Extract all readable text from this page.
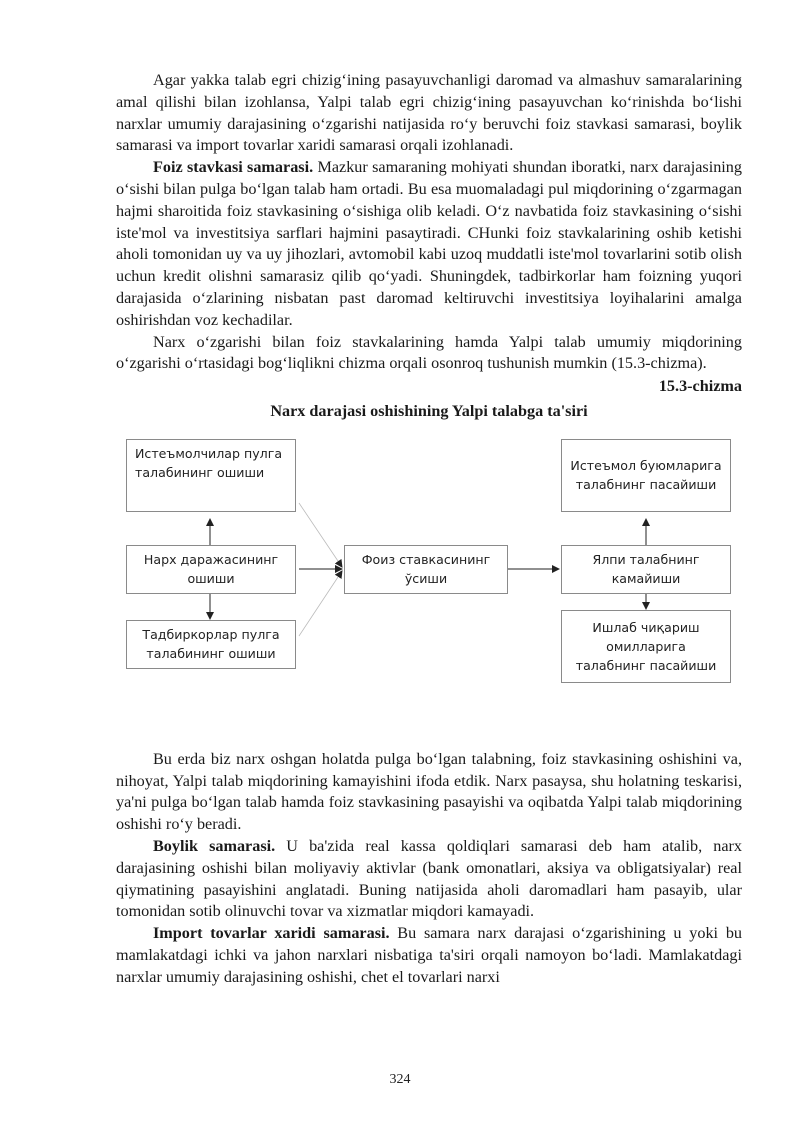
Agar yakka talab egri chizig‘ining pasayuvchanligi daromad va almashuv samaralarining amal qilishi bilan izohlansa, Yalpi talab egri chizig‘ining pasayuvchan ko‘rinishda bo‘lishi narxlar umumiy darajasining o‘zgarishi natijasida ro‘y beruvchi foiz stavkasi samarasi, boylik samarasi va import tovarlar xaridi samarasi orqali izohlanadi.

Foiz stavkasi samarasi. Mazkur samaraning mohiyati shundan iboratki, narx darajasining o‘sishi bilan pulga bo‘lgan talab ham ortadi. Bu esa muomaladagi pul miqdorining o‘zgarmagan hajmi sharoitida foiz stavkasining o‘sishiga olib keladi. O‘z navbatida foiz stavkasining o‘sishi iste'mol va investitsiya sarflari hajmini pasaytiradi. CHunki foiz stavkalarining oshib ketishi aholi tomonidan uy va uy jihozlari, avtomobil kabi uzoq muddatli iste'mol tovarlarini sotib olish uchun kredit olishni samarasiz qilib qo‘yadi. Shuningdek, tadbirkorlar ham foizning yuqori darajasida o‘zlarining nisbatan past daromad keltiruvchi investitsiya loyihalarini amalga oshirishdan voz kechadilar.

Narx o‘zgarishi bilan foiz stavkalarining hamda Yalpi talab umumiy miqdorining o‘zgarishi o‘rtasidagi bog‘liqlikni chizma orqali osonroq tushunish mumkin (15.3-chizma).

15.3-chizma
Narx darajasi oshishining Yalpi talabga ta'siri
Истеъмолчилар пулга талабининг ошиши
Нарх даражасининг ошиши
Тадбиркорлар пулга талабининг ошиши
Фоиз ставкасининг ўсиши
Истеъмол буюмларига талабнинг пасайиши
Ялпи талабнинг камайиши
Ишлаб чиқариш омилларига талабнинг пасайиши

Bu erda biz narx oshgan holatda pulga bo‘lgan talabning, foiz stavkasining oshishini va, nihoyat, Yalpi talab miqdorining kamayishini ifoda etdik. Narx pasaysa, shu holatning teskarisi, ya'ni pulga bo‘lgan talab hamda foiz stavkasining pasayishi va oqibatda Yalpi talab miqdorining oshishi ro‘y beradi.

Boylik samarasi. U ba'zida real kassa qoldiqlari samarasi deb ham atalib, narx darajasining oshishi bilan moliyaviy aktivlar (bank omonatlari, aksiya va obligatsiyalar) real qiymatining pasayishini anglatadi. Buning natijasida aholi daromadlari ham pasayib, ular tomonidan sotib olinuvchi tovar va xizmatlar miqdori kamayadi.

Import tovarlar xaridi samarasi. Bu samara narx darajasi o‘zgarishining u yoki bu mamlakatdagi ichki va jahon narxlari nisbatiga ta'siri orqali namoyon bo‘ladi. Mamlakatdagi narxlar umumiy darajasining oshishi, chet el tovarlari narxi

324
